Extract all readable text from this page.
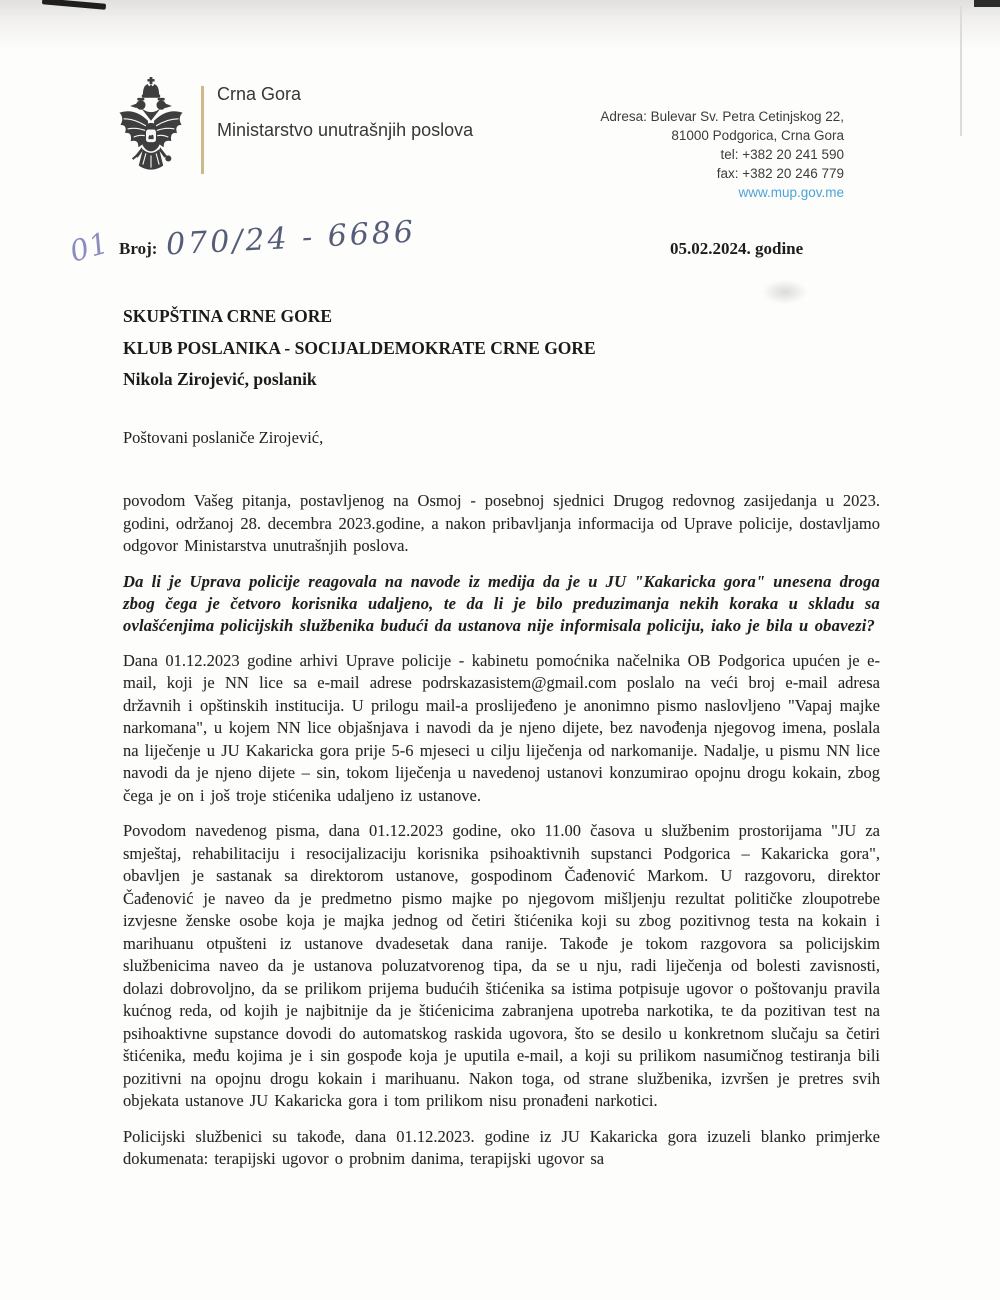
Crna Gora
Ministarstvo unutrašnjih poslova
Adresa: Bulevar Sv. Petra Cetinjskog 22,
81000 Podgorica, Crna Gora
tel: +382 20 241 590
fax: +382 20 246 779
www.mup.gov.me
01 Broj: 070/24 - 6686	05.02.2024. godine
SKUPŠTINA CRNE GORE
KLUB POSLANIKA - SOCIJALDEMOKRATE CRNE GORE
Nikola Zirojević, poslanik
Poštovani poslaniče Zirojević,

povodom Vašeg pitanja, postavljenog na Osmoj - posebnoj sjednici Drugog redovnog zasijedanja u 2023. godini, održanoj 28. decembra 2023.godine, a nakon pribavljanja informacija od Uprave policije, dostavljamo odgovor Ministarstva unutrašnjih poslova.

Da li je Uprava policije reagovala na navode iz medija da je u JU "Kakaricka gora" unesena droga zbog čega je četvoro korisnika udaljeno, te da li je bilo preduzimanja nekih koraka u skladu sa ovlašćenjima policijskih službenika budući da ustanova nije informisala policiju, iako je bila u obavezi?

Dana 01.12.2023 godine arhivi Uprave policije - kabinetu pomoćnika načelnika OB Podgorica upućen je e-mail, koji je NN lice sa e-mail adrese podrskazasistem@gmail.com poslalo na veći broj e-mail adresa državnih i opštinskih institucija. U prilogu mail-a proslijeđeno je anonimno pismo naslovljeno "Vapaj majke narkomana", u kojem NN lice objašnjava i navodi da je njeno dijete, bez navođenja njegovog imena, poslala na liječenje u JU Kakaricka gora prije 5-6 mjeseci u cilju liječenja od narkomanije. Nadalje, u pismu NN lice navodi da je njeno dijete – sin, tokom liječenja u navedenoj ustanovi konzumirao opojnu drogu kokain, zbog čega je on i još troje stićenika udaljeno iz ustanove.

Povodom navedenog pisma, dana 01.12.2023 godine, oko 11.00 časova u službenim prostorijama "JU za smještaj, rehabilitaciju i resocijalizaciju korisnika psihoaktivnih supstanci Podgorica – Kakaricka gora", obavljen je sastanak sa direktorom ustanove, gospodinom Čađenović Markom. U razgovoru, direktor Čađenović je naveo da je predmetno pismo majke po njegovom mišljenju rezultat političke zloupotrebe izvjesne ženske osobe koja je majka jednog od četiri štićenika koji su zbog pozitivnog testa na kokain i marihuanu otpušteni iz ustanove dvadesetak dana ranije. Takođe je tokom razgovora sa policijskim službenicima naveo da je ustanova poluzatvorenog tipa, da se u nju, radi liječenja od bolesti zavisnosti, dolazi dobrovoljno, da se prilikom prijema budućih štićenika sa istima potpisuje ugovor o poštovanju pravila kućnog reda, od kojih je najbitnije da je štićenicima zabranjena upotreba narkotika, te da pozitivan test na psihoaktivne supstance dovodi do automatskog raskida ugovora, što se desilo u konkretnom slučaju sa četiri štićenika, među kojima je i sin gospođe koja je uputila e-mail, a koji su prilikom nasumičnog testiranja bili pozitivni na opojnu drogu kokain i marihuanu. Nakon toga, od strane službenika, izvršen je pretres svih objekata ustanove JU Kakaricka gora i tom prilikom nisu pronađeni narkotici.

Policijski službenici su takođe, dana 01.12.2023. godine iz JU Kakaricka gora izuzeli blanko primjerke dokumenata: terapijski ugovor o probnim danima, terapijski ugovor sa
